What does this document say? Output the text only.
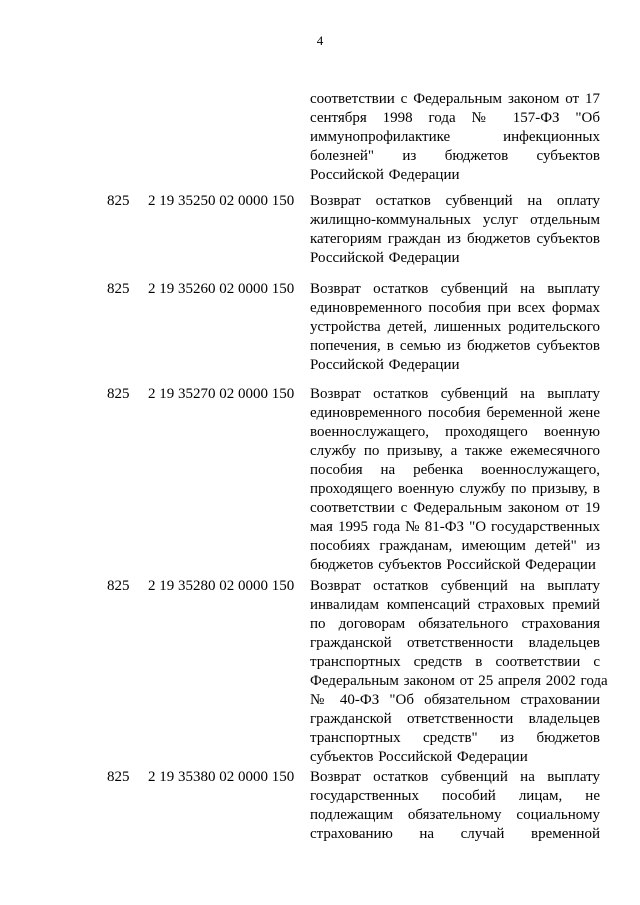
4
соответствии с Федеральным законом от 17
сентября 1998 года № 157-ФЗ "Об
иммунопрофилактике инфекционных
болезней" из бюджетов субъектов
Российской Федерации
825 2 19 35250 02 0000 150 Возврат остатков субвенций на оплату
жилищно-коммунальных услуг отдельным
категориям граждан из бюджетов субъектов
Российской Федерации
825 2 19 35260 02 0000 150 Возврат остатков субвенций на выплату
единовременного пособия при всех формах
устройства детей, лишенных родительского
попечения, в семью из бюджетов субъектов
Российской Федерации
825 2 19 35270 02 0000 150 Возврат остатков субвенций на выплату
единовременного пособия беременной жене
военнослужащего, проходящего военную
службу по призыву, а также ежемесячного
пособия на ребенка военнослужащего,
проходящего военную службу по призыву, в
соответствии с Федеральным законом от 19
мая 1995 года № 81-ФЗ "О государственных
пособиях гражданам, имеющим детей" из
бюджетов субъектов Российской Федерации
825 2 19 35280 02 0000 150 Возврат остатков субвенций на выплату
инвалидам компенсаций страховых премий
по договорам обязательного страхования
гражданской ответственности владельцев
транспортных средств в соответствии с
Федеральным законом от 25 апреля 2002 года
№ 40-ФЗ "Об обязательном страховании
гражданской ответственности владельцев
транспортных средств" из бюджетов
субъектов Российской Федерации
825 2 19 35380 02 0000 150 Возврат остатков субвенций на выплату
государственных пособий лицам, не
подлежащим обязательному социальному
страхованию на случай временной
